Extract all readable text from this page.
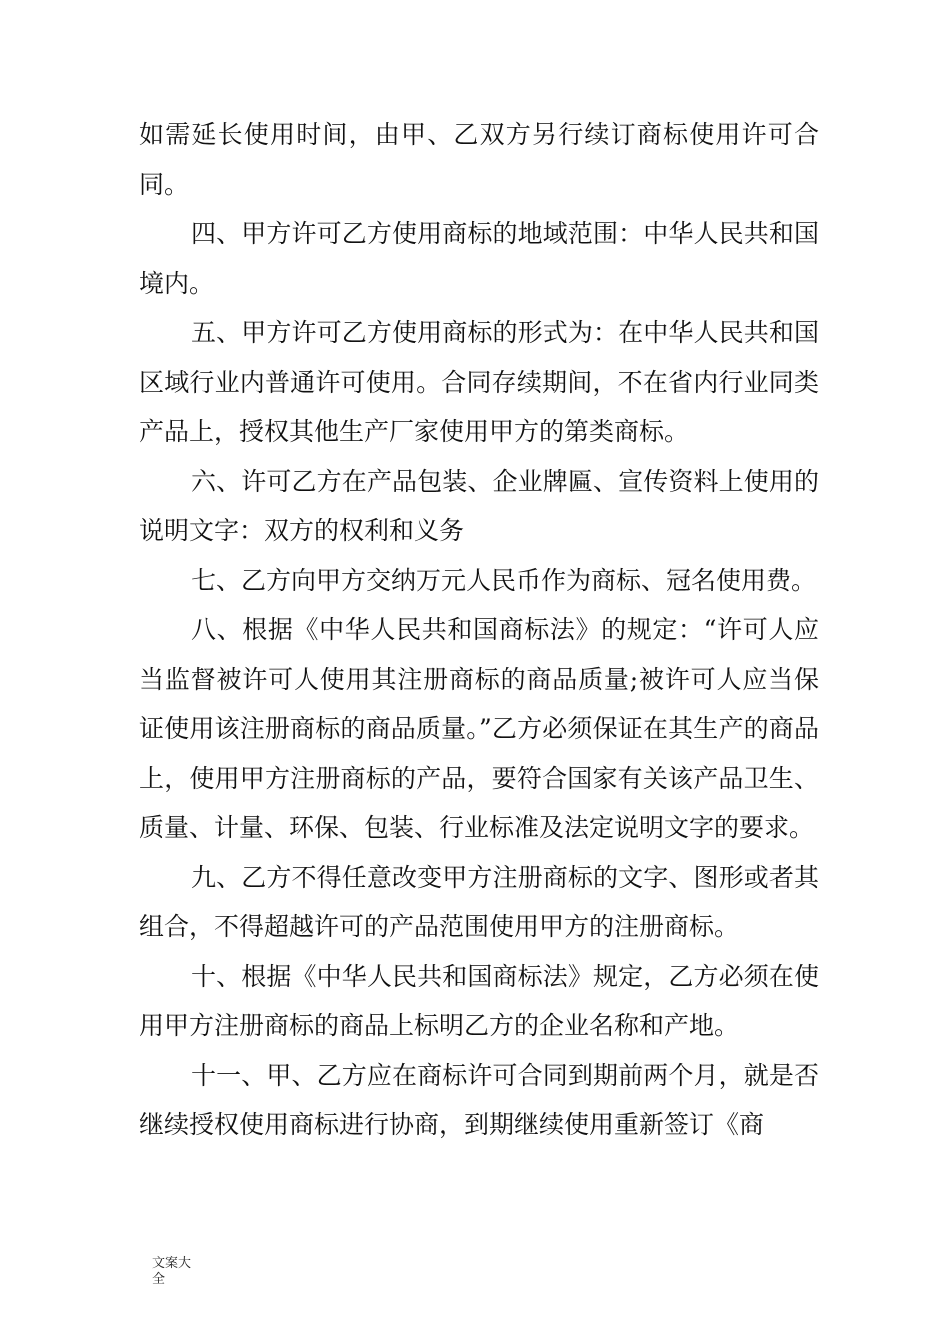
如需延长使用时间，由甲、乙双方另行续订商标使用许可合同。

四、甲方许可乙方使用商标的地域范围：中华人民共和国境内。

五、甲方许可乙方使用商标的形式为：在中华人民共和国区域行业内普通许可使用。合同存续期间，不在省内行业同类产品上，授权其他生产厂家使用甲方的第类商标。

六、许可乙方在产品包装、企业牌匾、宣传资料上使用的说明文字：双方的权利和义务

七、乙方向甲方交纳万元人民币作为商标、冠名使用费。

八、根据《中华人民共和国商标法》的规定：“许可人应当监督被许可人使用其注册商标的商品质量;被许可人应当保证使用该注册商标的商品质量。”乙方必须保证在其生产的商品上，使用甲方注册商标的产品，要符合国家有关该产品卫生、质量、计量、环保、包装、行业标准及法定说明文字的要求。

九、乙方不得任意改变甲方注册商标的文字、图形或者其组合，不得超越许可的产品范围使用甲方的注册商标。

十、根据《中华人民共和国商标法》规定，乙方必须在使用甲方注册商标的商品上标明乙方的企业名称和产地。

十一、甲、乙方应在商标许可合同到期前两个月，就是否继续授权使用商标进行协商，到期继续使用重新签订《商

文案大全
